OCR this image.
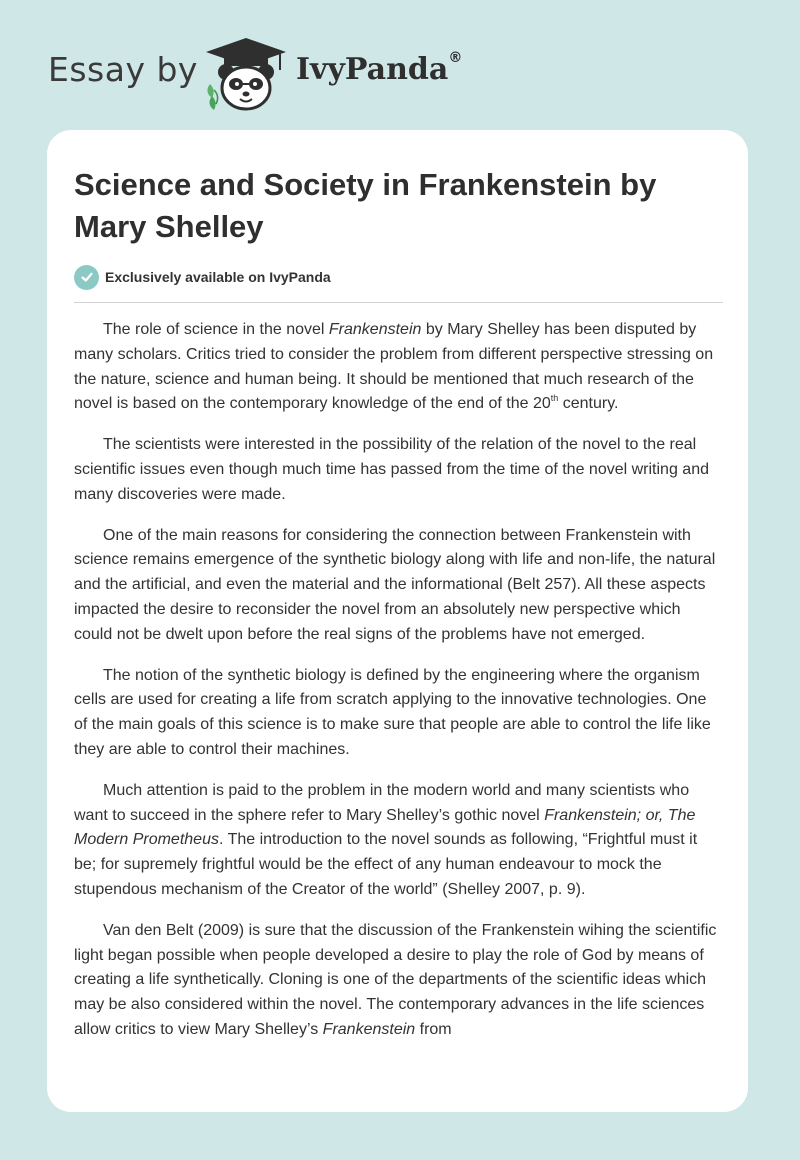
Essay by	IvyPanda®
Science and Society in Frankenstein by Mary Shelley
Exclusively available on IvyPanda

The role of science in the novel Frankenstein by Mary Shelley has been disputed by many scholars. Critics tried to consider the problem from different perspective stressing on the nature, science and human being. It should be mentioned that much research of the novel is based on the contemporary knowledge of the end of the 20th century.

The scientists were interested in the possibility of the relation of the novel to the real scientific issues even though much time has passed from the time of the novel writing and many discoveries were made.

One of the main reasons for considering the connection between Frankenstein with science remains emergence of the synthetic biology along with life and non-life, the natural and the artificial, and even the material and the informational (Belt 257). All these aspects impacted the desire to reconsider the novel from an absolutely new perspective which could not be dwelt upon before the real signs of the problems have not emerged.

The notion of the synthetic biology is defined by the engineering where the organism cells are used for creating a life from scratch applying to the innovative technologies. One of the main goals of this science is to make sure that people are able to control the life like they are able to control their machines.

Much attention is paid to the problem in the modern world and many scientists who want to succeed in the sphere refer to Mary Shelley’s gothic novel Frankenstein; or, The Modern Prometheus. The introduction to the novel sounds as following, “Frightful must it be; for supremely frightful would be the effect of any human endeavour to mock the stupendous mechanism of the Creator of the world” (Shelley 2007, p. 9).

Van den Belt (2009) is sure that the discussion of the Frankenstein wihing the scientific light began possible when people developed a desire to play the role of God by means of creating a life synthetically. Cloning is one of the departments of the scientific ideas which may be also considered within the novel. The contemporary advances in the life sciences allow critics to view Mary Shelley’s Frankenstein from
